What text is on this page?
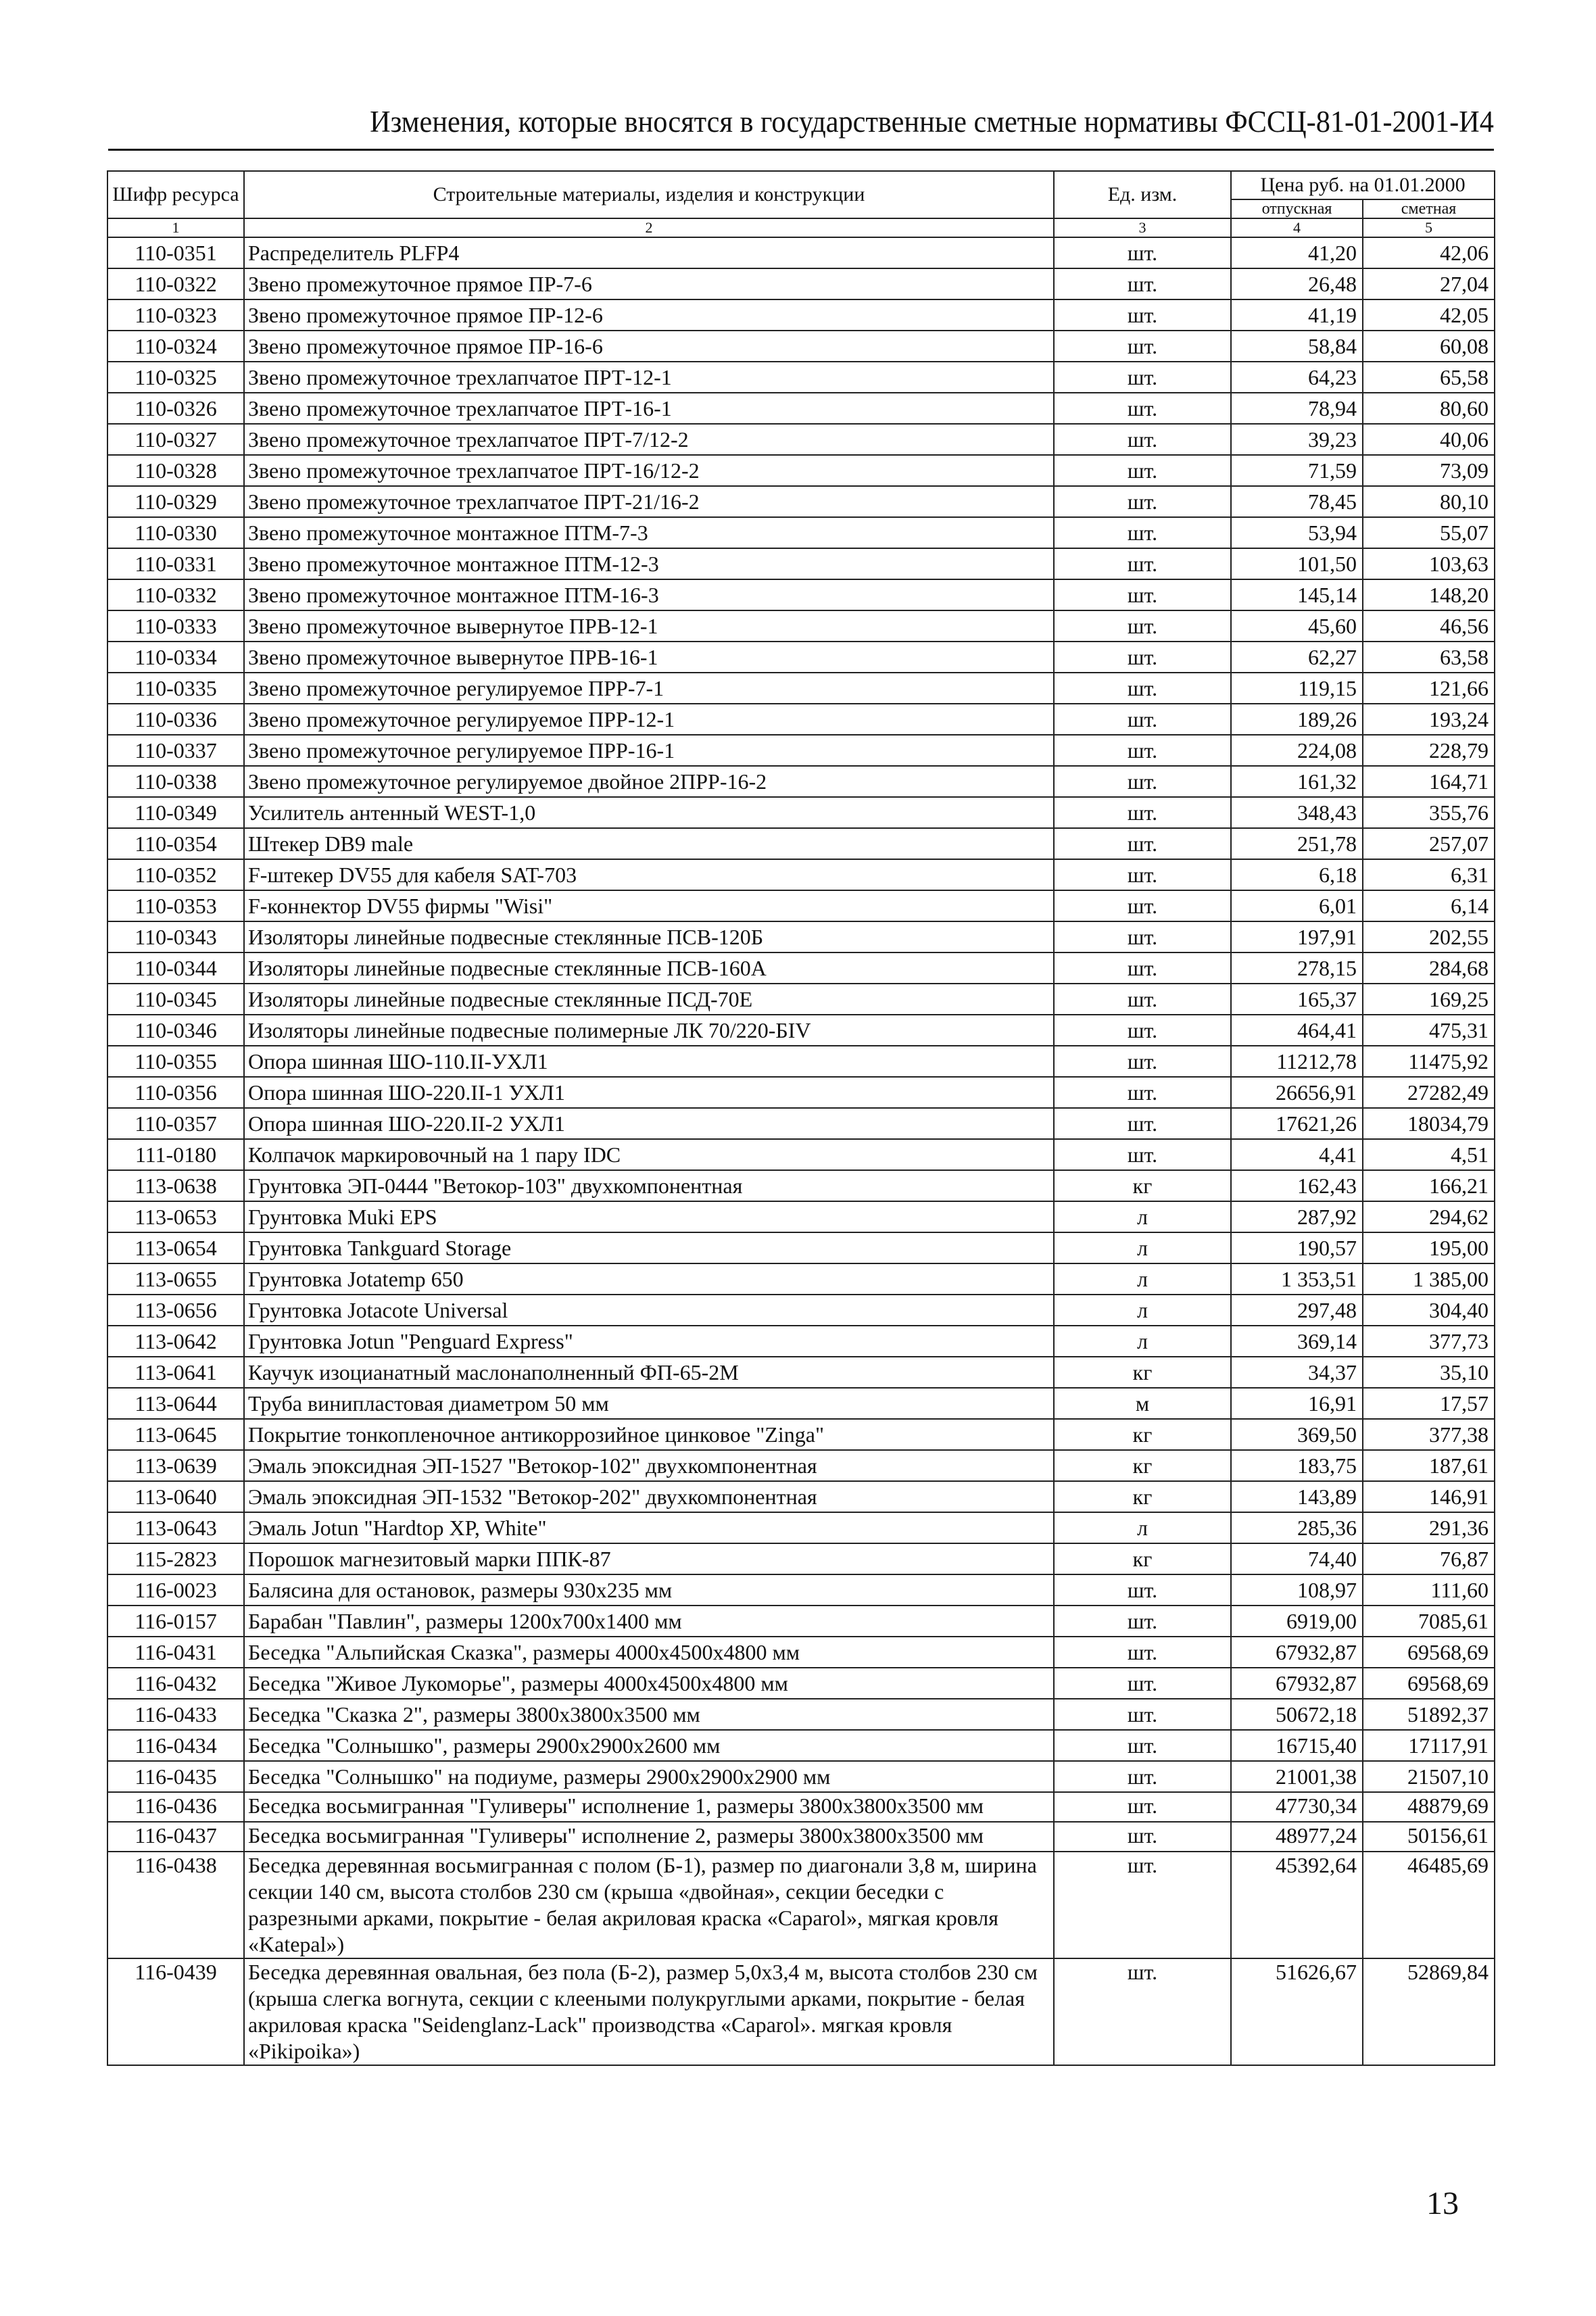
Изменения, которые вносятся в государственные сметные нормативы ФССЦ-81-01-2001-И4
Шифр ресурса	Строительные материалы, изделия и конструкции	Ед. изм.	Цена руб. на 01.01.2000	
			отпускная	сметная
1	2	3	4	5
110-0351	Распределитель PLFP4	шт.	41,20	42,06
110-0322	Звено промежуточное прямое ПР-7-6	шт.	26,48	27,04
110-0323	Звено промежуточное прямое ПР-12-6	шт.	41,19	42,05
110-0324	Звено промежуточное прямое ПР-16-6	шт.	58,84	60,08
110-0325	Звено промежуточное трехлапчатое ПРТ-12-1	шт.	64,23	65,58
110-0326	Звено промежуточное трехлапчатое ПРТ-16-1	шт.	78,94	80,60
110-0327	Звено промежуточное трехлапчатое ПРТ-7/12-2	шт.	39,23	40,06
110-0328	Звено промежуточное трехлапчатое ПРТ-16/12-2	шт.	71,59	73,09
110-0329	Звено промежуточное трехлапчатое ПРТ-21/16-2	шт.	78,45	80,10
110-0330	Звено промежуточное монтажное ПТМ-7-3	шт.	53,94	55,07
110-0331	Звено промежуточное монтажное ПТМ-12-3	шт.	101,50	103,63
110-0332	Звено промежуточное монтажное ПТМ-16-3	шт.	145,14	148,20
110-0333	Звено промежуточное вывернутое ПРВ-12-1	шт.	45,60	46,56
110-0334	Звено промежуточное вывернутое ПРВ-16-1	шт.	62,27	63,58
110-0335	Звено промежуточное регулируемое ПРР-7-1	шт.	119,15	121,66
110-0336	Звено промежуточное регулируемое ПРР-12-1	шт.	189,26	193,24
110-0337	Звено промежуточное регулируемое ПРР-16-1	шт.	224,08	228,79
110-0338	Звено промежуточное регулируемое двойное 2ПРР-16-2	шт.	161,32	164,71
110-0349	Усилитель антенный WEST-1,0	шт.	348,43	355,76
110-0354	Штекер DB9 male	шт.	251,78	257,07
110-0352	F-штекер DV55 для кабеля SAT-703	шт.	6,18	6,31
110-0353	F-коннектор DV55 фирмы "Wisi"	шт.	6,01	6,14
110-0343	Изоляторы линейные подвесные стеклянные ПСВ-120Б	шт.	197,91	202,55
110-0344	Изоляторы линейные подвесные стеклянные ПСВ-160А	шт.	278,15	284,68
110-0345	Изоляторы линейные подвесные стеклянные ПСД-70Е	шт.	165,37	169,25
110-0346	Изоляторы линейные подвесные полимерные ЛК 70/220-БIV	шт.	464,41	475,31
110-0355	Опора шинная ШО-110.II-УХЛ1	шт.	11212,78	11475,92
110-0356	Опора шинная ШО-220.II-1 УХЛ1	шт.	26656,91	27282,49
110-0357	Опора шинная ШО-220.II-2 УХЛ1	шт.	17621,26	18034,79
111-0180	Колпачок маркировочный на 1 пару IDC	шт.	4,41	4,51
113-0638	Грунтовка ЭП-0444 "Ветокор-103" двухкомпонентная	кг	162,43	166,21
113-0653	Грунтовка Muki EPS	л	287,92	294,62
113-0654	Грунтовка Tankguard Storage	л	190,57	195,00
113-0655	Грунтовка Jotatemp 650	л	1 353,51	1 385,00
113-0656	Грунтовка Jotacote Universal	л	297,48	304,40
113-0642	Грунтовка Jotun "Penguard Express"	л	369,14	377,73
113-0641	Каучук изоцианатный маслонаполненный ФП-65-2М	кг	34,37	35,10
113-0644	Труба винипластовая диаметром 50 мм	м	16,91	17,57
113-0645	Покрытие тонкопленочное антикоррозийное цинковое "Zinga"	кг	369,50	377,38
113-0639	Эмаль эпоксидная ЭП-1527 "Ветокор-102" двухкомпонентная	кг	183,75	187,61
113-0640	Эмаль эпоксидная ЭП-1532 "Ветокор-202" двухкомпонентная	кг	143,89	146,91
113-0643	Эмаль Jotun "Hardtop XP, White"	л	285,36	291,36
115-2823	Порошок магнезитовый марки ППК-87	кг	74,40	76,87
116-0023	Балясина для остановок, размеры 930х235 мм	шт.	108,97	111,60
116-0157	Барабан "Павлин", размеры 1200х700х1400 мм	шт.	6919,00	7085,61
116-0431	Беседка "Альпийская Сказка", размеры 4000х4500х4800 мм	шт.	67932,87	69568,69
116-0432	Беседка "Живое Лукоморье", размеры 4000х4500х4800 мм	шт.	67932,87	69568,69
116-0433	Беседка "Сказка 2", размеры 3800х3800х3500 мм	шт.	50672,18	51892,37
116-0434	Беседка "Солнышко", размеры 2900х2900х2600 мм	шт.	16715,40	17117,91
116-0435	Беседка "Солнышко" на подиуме, размеры 2900х2900х2900 мм	шт.	21001,38	21507,10
116-0436	Беседка восьмигранная "Гуливеры" исполнение 1, размеры 3800х3800х3500 мм	шт.	47730,34	48879,69
116-0437	Беседка восьмигранная "Гуливеры" исполнение 2, размеры 3800х3800х3500 мм	шт.	48977,24	50156,61
116-0438	Беседка деревянная восьмигранная с полом (Б-1), размер по диагонали 3,8 м, ширина секции 140 см, высота столбов 230 см (крыша «двойная», секции беседки с разрезными арками, покрытие - белая акриловая краска «Caparol», мягкая кровля «Katepal»)	шт.	45392,64	46485,69
116-0439	Беседка деревянная овальная, без пола (Б-2), размер 5,0х3,4 м, высота столбов 230 см (крыша слегка вогнута, секции с клееными полукруглыми арками, покрытие - белая акриловая краска "Seidenglanz-Lack" производства «Caparol». мягкая кровля «Pikipoika»)	шт.	51626,67	52869,84
13
